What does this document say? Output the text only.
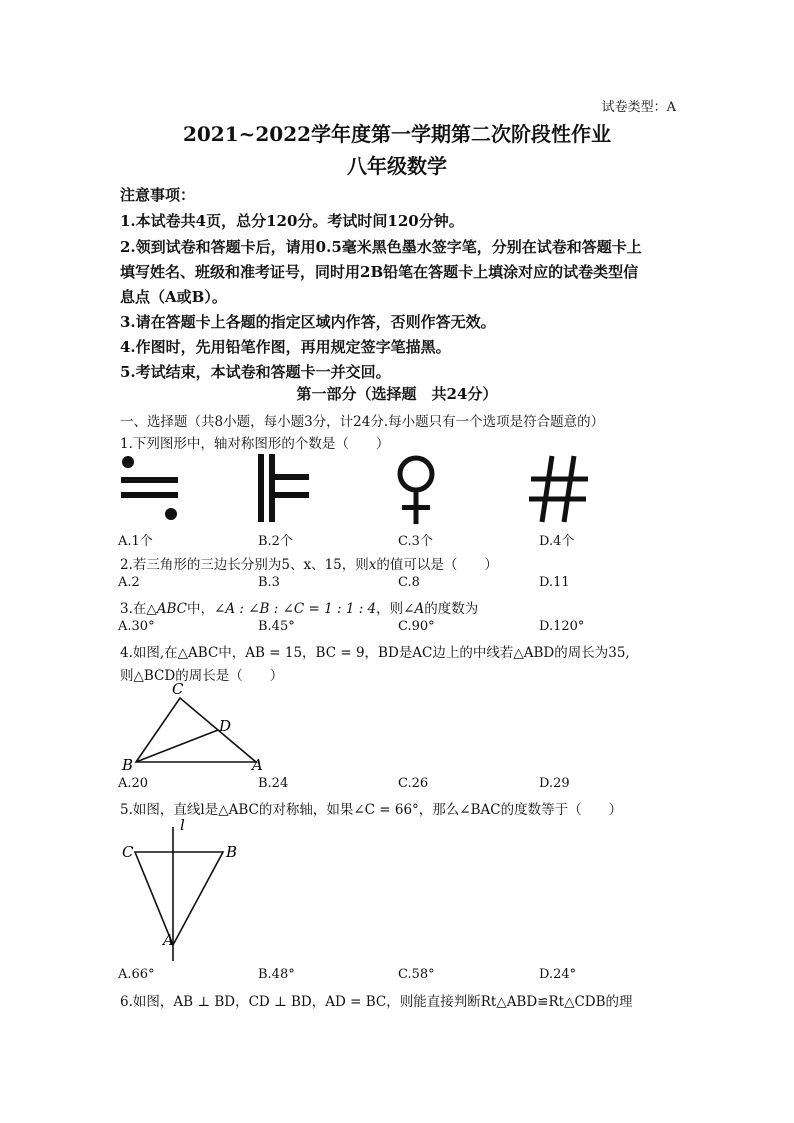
试卷类型：A
2021~2022学年度第一学期第二次阶段性作业
八年级数学
注意事项：
1.本试卷共4页，总分120分。考试时间120分钟。
2.领到试卷和答题卡后，请用0.5毫米黑色墨水签字笔，分别在试卷和答题卡上
填写姓名、班级和准考证号，同时用2B铅笔在答题卡上填涂对应的试卷类型信
息点（A或B）。
3.请在答题卡上各题的指定区域内作答，否则作答无效。
4.作图时，先用铅笔作图，再用规定签字笔描黑。
5.考试结束，本试卷和答题卡一并交回。
第一部分（选择题　共24分）
一、选择题（共8小题，每小题3分，计24分.每小题只有一个选项是符合题意的）
1.下列图形中，轴对称图形的个数是（　　）
A.1个	B.2个	C.3个	D.4个
2.若三角形的三边长分别为5、x、15，则x的值可以是（　　）
A.2	B.3	C.8	D.11
3.在△ABC中，∠A : ∠B : ∠C = 1 : 1 : 4，则∠A的度数为
A.30°	B.45°	C.90°	D.120°
4.如图,在△ABC中，AB = 15，BC = 9，BD是AC边上的中线若△ABD的周长为35,
则△BCD的周长是（　　）
C
D
B	A
A.20	B.24	C.26	D.29
5.如图，直线l是△ABC的对称轴，如果∠C = 66°，那么∠BAC的度数等于（　　）
l
C	B
A
A.66°	B.48°	C.58°	D.24°
6.如图，AB ⊥ BD，CD ⊥ BD，AD = BC，则能直接判断Rt△ABD≌Rt△CDB的理
